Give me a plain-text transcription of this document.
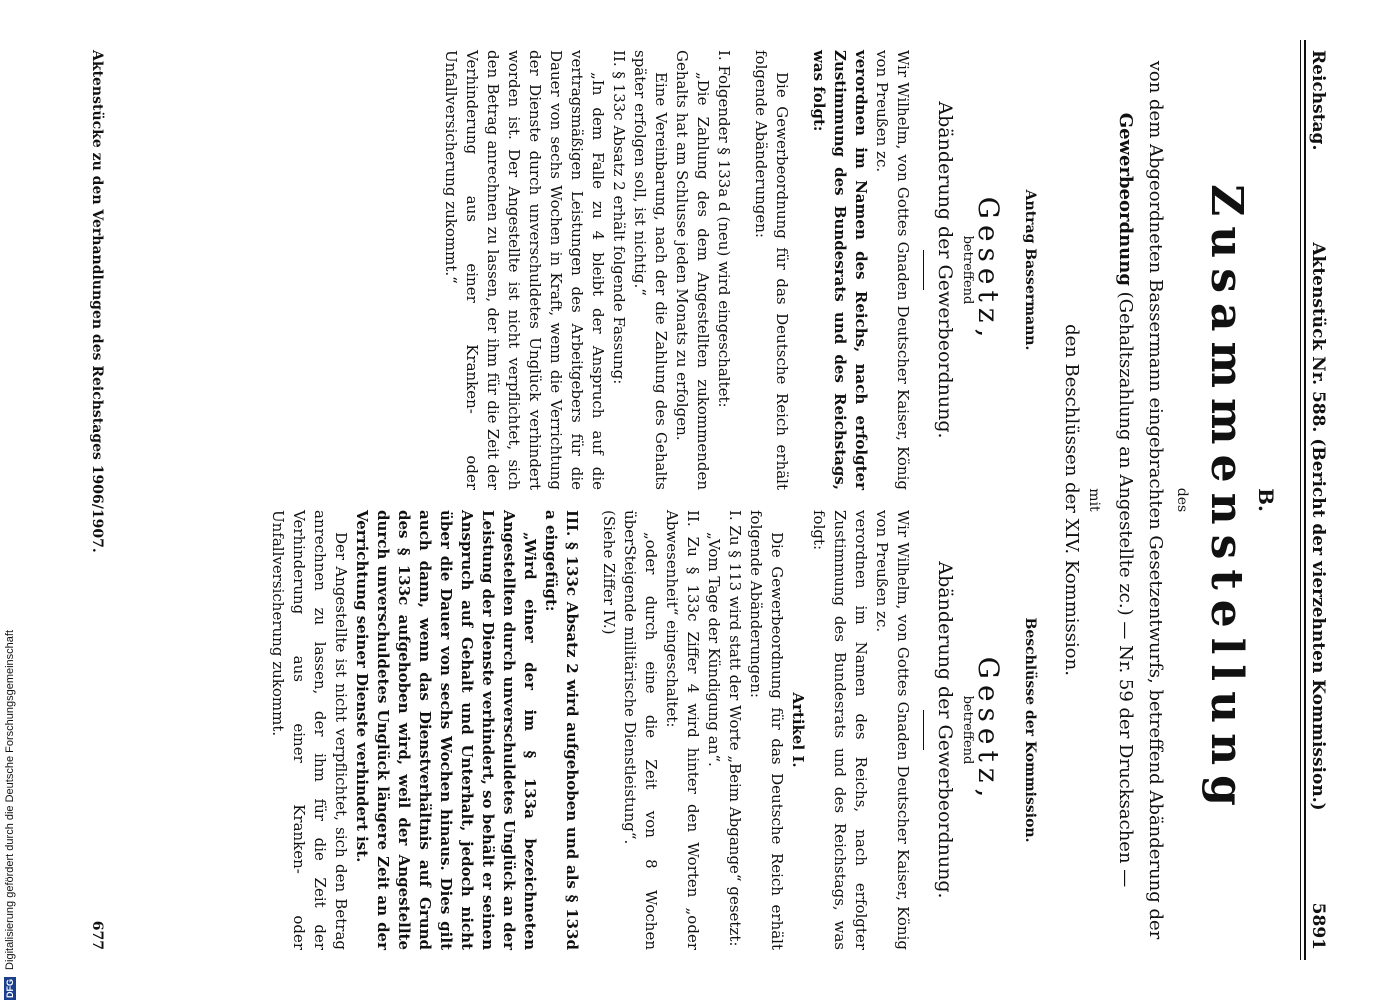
DFG Digitalisierung gefördert durch die Deutsche Forschungsgemeinschaft
Reichstag.
Aktenstück Nr. 588. (Bericht der vierzehnten Kommission.)
5891
B.
Zusammenstellung
des
von dem Abgeordneten Bassermann eingebrachten Gesetzentwurfs, betreffend Abänderung der Gewerbeordnung (Gehaltszahlung an Angestellte zc.) — Nr. 59 der Drucksachen —
mit
den Beschlüssen der XIV. Kommission.
Antrag Bassermann.
Gesetz,
betreffend
Abänderung der Gewerbeordnung.

Wir Wilhelm, von Gottes Gnaden Deutscher Kaiser, König von Preußen zc.

verordnen im Namen des Reichs, nach erfolgter Zustimmung des Bundesrats und des Reichstags, was folgt:

Die Gewerbeordnung für das Deutsche Reich erhält folgende Abänderungen:

I. Folgender § 133a d (neu) wird eingeschaltet:

„Die Zahlung des dem Angestellten zukommenden Gehalts hat am Schlusse jeden Monats zu erfolgen.

Eine Vereinbarung, nach der die Zahlung des Gehalts später erfolgen soll, ist nichtig.“

II. § 133c Absatz 2 erhält folgende Fassung:

„In dem Falle zu 4 bleibt der Anspruch auf die vertragsmäßigen Leistungen des Arbeitgebers für die Dauer von sechs Wochen in Kraft, wenn die Verrichtung der Dienste durch unverschuldetes Unglück verhindert worden ist. Der Angestellte ist nicht verpflichtet, sich den Betrag anrechnen zu lassen, der ihm für die Zeit der Verhinderung aus einer Kranken- oder Unfallversicherung zukommt.“

Beschlüsse der Kommission.
Gesetz,
betreffend
Abänderung der Gewerbeordnung.

Wir Wilhelm, von Gottes Gnaden Deutscher Kaiser, König von Preußen zc.

verordnen im Namen des Reichs, nach erfolgter Zustimmung des Bundesrats und des Reichstags, was folgt:

Artikel I.

Die Gewerbeordnung für das Deutsche Reich erhält folgende Abänderungen:

I. Zu § 113 wird statt der Worte „Beim Abgange“ gesetzt:

„Vom Tage der Kündigung an“.

II. Zu § 133c Ziffer 4 wird hinter den Worten „oder Abwesenheit“ eingeschaltet:

„oder durch eine die Zeit von 8 Wochen überSteigende militärische Dienstleistung“.

(Siehe Ziffer IV.)

III. § 133c Absatz 2 wird aufgehoben und als § 133d a eingefügt:

„Wird einer der im § 133a bezeichneten Angestellten durch unverschuldetes Unglück an der Leistung der Dienste verhindert, so behält er seinen Anspruch auf Gehalt und Unterhalt, jedoch nicht über die Dauer von sechs Wochen hinaus. Dies gilt auch dann, wenn das Dienstverhältnis auf Grund des § 133c aufgehoben wird, weil der Angestellte durch unverschuldetes Unglück längere Zeit an der Verrichtung seiner Dienste verhindert ist.

Der Angestellte ist nicht verpflichtet, sich den Betrag anrechnen zu lassen, der ihm für die Zeit der Verhinderung aus einer Kranken- oder Unfallversicherung zukommt.

Aktenstücke zu den Verhandlungen des Reichstages 1906/1907.
677
